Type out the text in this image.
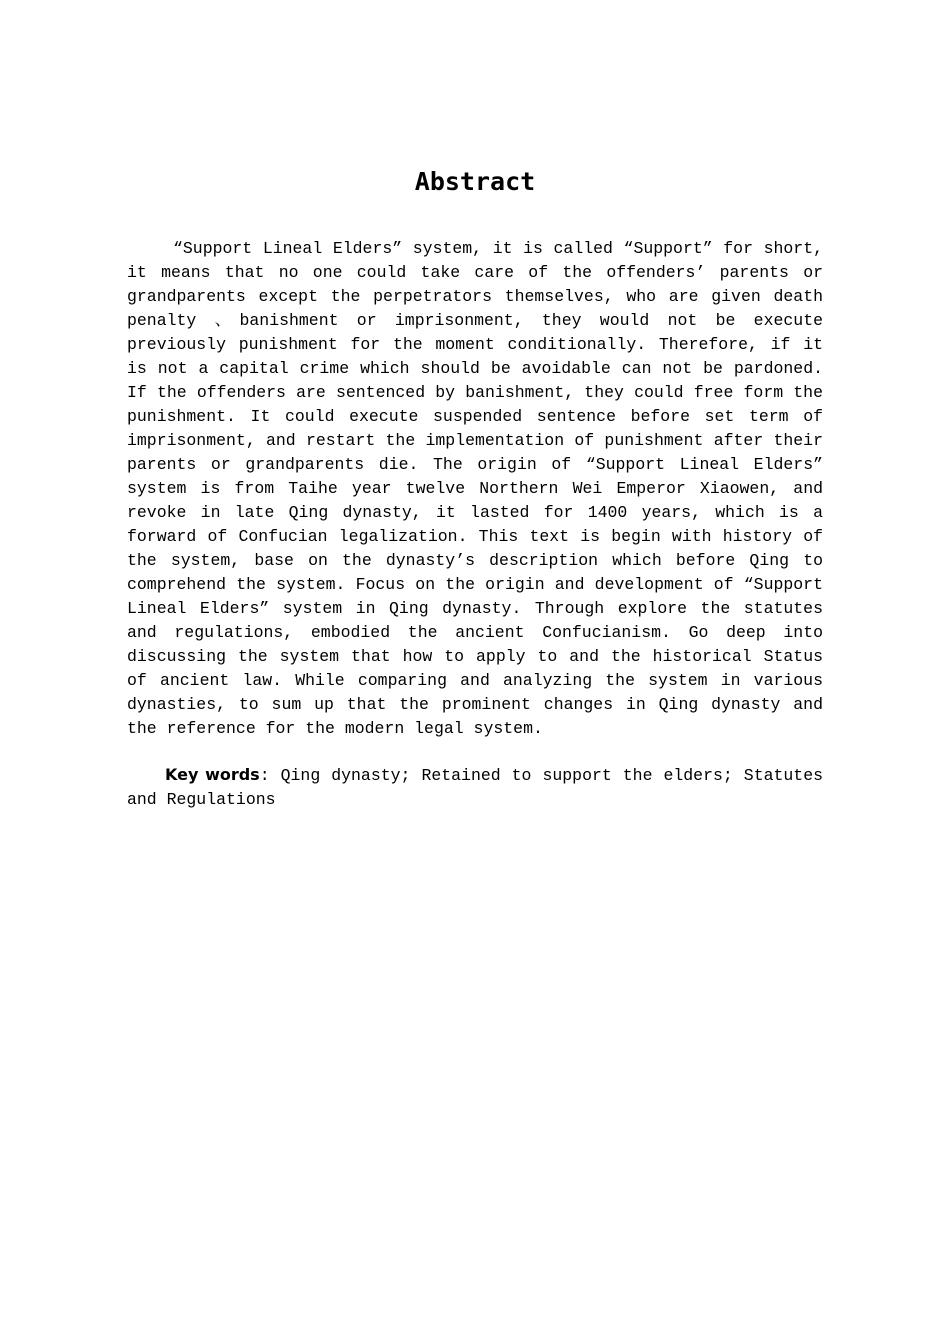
Abstract

“Support Lineal Elders” system, it is called “Support” for short, it means that no one could take care of the offenders’ parents or grandparents except the perpetrators themselves, who are given death penalty 、banishment or imprisonment, they would not be execute previously punishment for the moment conditionally. Therefore, if it is not a capital crime which should be avoidable can not be pardoned. If the offenders are sentenced by banishment, they could free form the punishment. It could execute suspended sentence before set term of imprisonment, and restart the implementation of punishment after their parents or grandparents die. The origin of “Support Lineal Elders” system is from Taihe year twelve Northern Wei Emperor Xiaowen, and revoke in late Qing dynasty, it lasted for 1400 years, which is a forward of Confucian legalization. This text is begin with history of the system, base on the dynasty’s description which before Qing to comprehend the system. Focus on the origin and development of “Support Lineal Elders” system in Qing dynasty. Through explore the statutes and regulations, embodied the ancient Confucianism. Go deep into discussing the system that how to apply to and the historical Status of ancient law. While comparing and analyzing the system in various dynasties, to sum up that the prominent changes in Qing dynasty and the reference for the modern legal system.

Key words: Qing dynasty; Retained to support the elders; Statutes and Regulations
